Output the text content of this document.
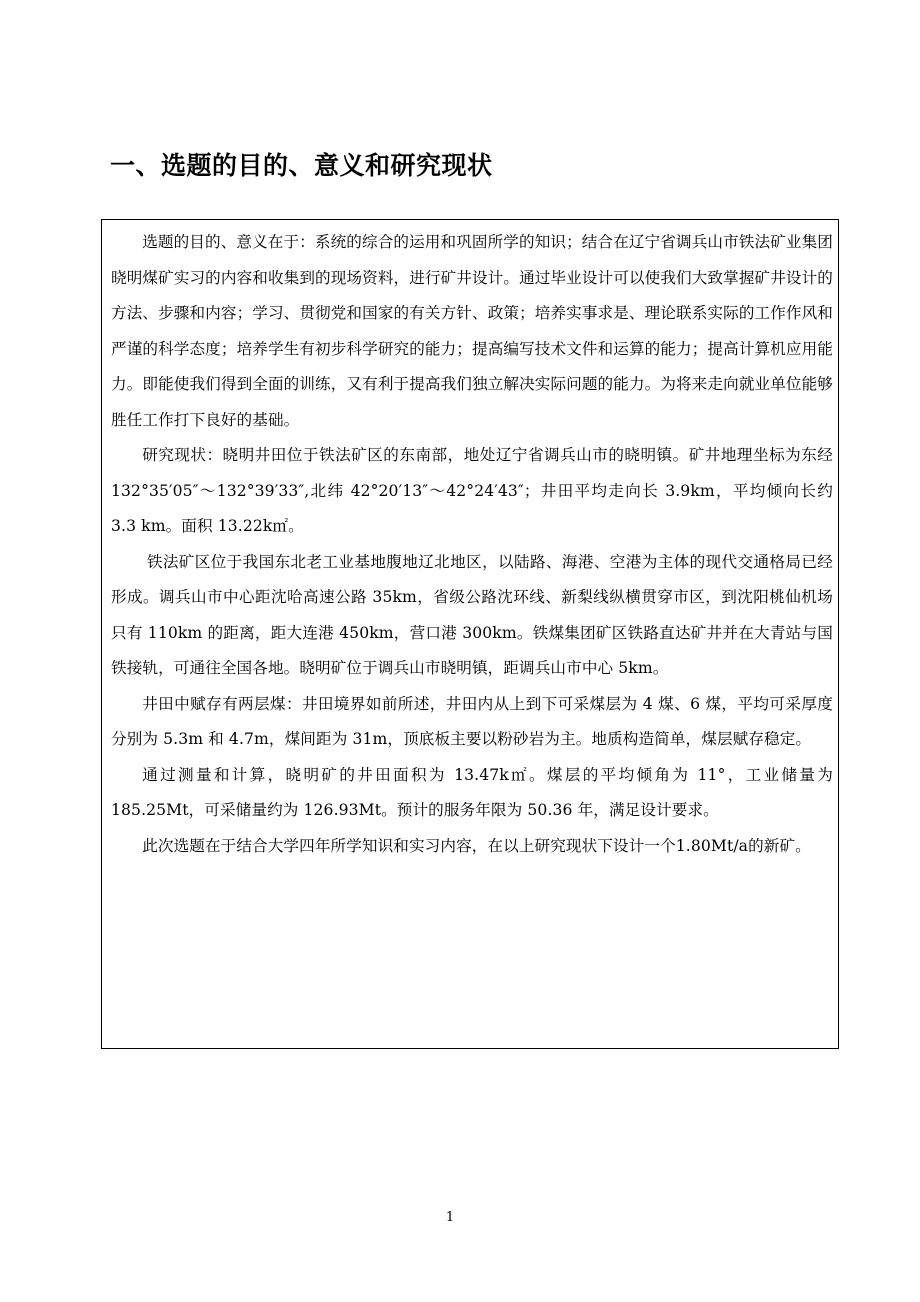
一、选题的目的、意义和研究现状

选题的目的、意义在于：系统的综合的运用和巩固所学的知识；结合在辽宁省调兵山市铁法矿业集团晓明煤矿实习的内容和收集到的现场资料，进行矿井设计。通过毕业设计可以使我们大致掌握矿井设计的方法、步骤和内容；学习、贯彻党和国家的有关方针、政策；培养实事求是、理论联系实际的工作作风和严谨的科学态度；培养学生有初步科学研究的能力；提高编写技术文件和运算的能力；提高计算机应用能力。即能使我们得到全面的训练，又有利于提高我们独立解决实际问题的能力。为将来走向就业单位能够胜任工作打下良好的基础。

研究现状：晓明井田位于铁法矿区的东南部，地处辽宁省调兵山市的晓明镇。矿井地理坐标为东经 132°35′05″～132°39′33″,北纬 42°20′13″～42°24′43″；井田平均走向长 3.9km，平均倾向长约 3.3 km。面积 13.22k㎡。

铁法矿区位于我国东北老工业基地腹地辽北地区，以陆路、海港、空港为主体的现代交通格局已经形成。调兵山市中心距沈哈高速公路 35km，省级公路沈环线、新梨线纵横贯穿市区，到沈阳桃仙机场只有 110km 的距离，距大连港 450km，营口港 300km。铁煤集团矿区铁路直达矿井并在大青站与国铁接轨，可通往全国各地。晓明矿位于调兵山市晓明镇，距调兵山市中心 5km。

井田中赋存有两层煤：井田境界如前所述，井田内从上到下可采煤层为 4 煤、6 煤，平均可采厚度分别为 5.3m 和 4.7m，煤间距为 31m，顶底板主要以粉砂岩为主。地质构造简单，煤层赋存稳定。

通过测量和计算，晓明矿的井田面积为 13.47k㎡。煤层的平均倾角为 11°，工业储量为 185.25Mt，可采储量约为 126.93Mt。预计的服务年限为 50.36 年，满足设计要求。

此次选题在于结合大学四年所学知识和实习内容，在以上研究现状下设计一个1.80Mt/a的新矿。

1
